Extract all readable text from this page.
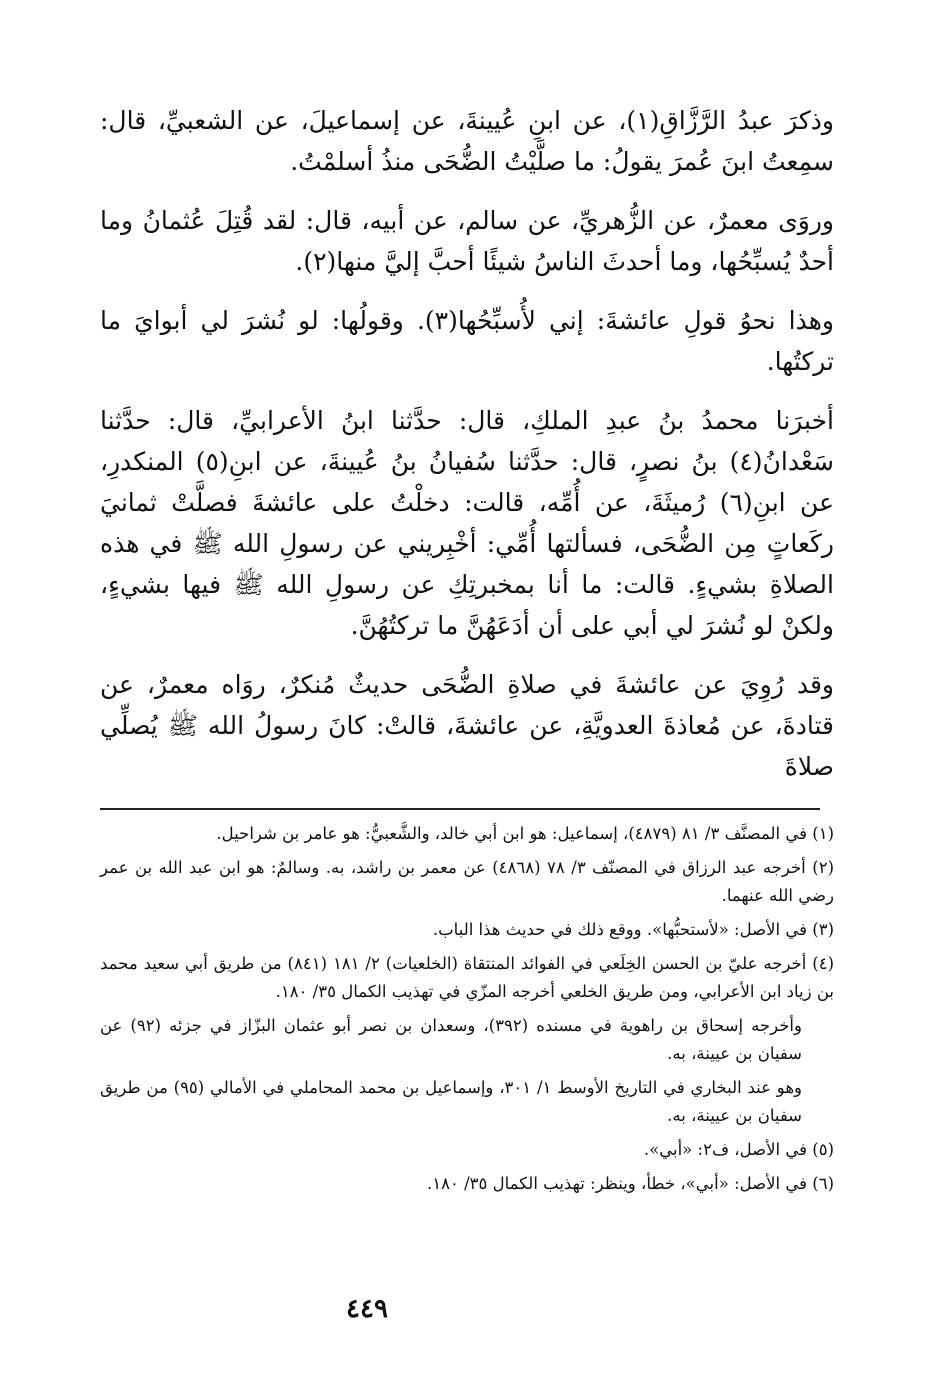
وذكرَ عبدُ الرَّزَّاقِ(١)، عن ابنِ عُيينةَ، عن إسماعيلَ، عن الشعبيِّ، قال: سمِعتُ ابنَ عُمرَ يقولُ: ما صلَّيْتُ الضُّحَى منذُ أسلمْتُ.

وروَى معمرٌ، عن الزُّهريِّ، عن سالم، عن أبيه، قال: لقد قُتِلَ عُثمانُ وما أحدٌ يُسبِّحُها، وما أحدثَ الناسُ شيئًا أحبَّ إليَّ منها(٢).

وهذا نحوُ قولِ عائشةَ: إني لأُسبِّحُها(٣). وقولُها: لو نُشرَ لي أبوايَ ما تركتُها.

أخبرَنا محمدُ بنُ عبدِ الملكِ، قال: حدَّثنا ابنُ الأعرابيِّ، قال: حدَّثنا سَعْدانُ(٤) بنُ نصرٍ، قال: حدَّثنا سُفيانُ بنُ عُيينةَ، عن ابنِ(٥) المنكدرِ، عن ابنِ(٦) رُميثَةَ، عن أُمِّه، قالت: دخلْتُ على عائشةَ فصلَّتْ ثمانيَ ركَعاتٍ مِن الضُّحَى، فسألتها أُمِّي: أخْبِريني عن رسولِ الله ﷺ في هذه الصلاةِ بشيءٍ. قالت: ما أنا بمخبرتِكِ عن رسولِ الله ﷺ فيها بشيءٍ، ولكنْ لو نُشرَ لي أبي على أن أدَعَهُنَّ ما تركتُهُنَّ.

وقد رُوِيَ عن عائشةَ في صلاةِ الضُّحَى حديثٌ مُنكرٌ، روَاه معمرٌ، عن قتادةَ، عن مُعاذةَ العدويَّةِ، عن عائشةَ، قالتْ: كانَ رسولُ الله ﷺ يُصلِّي صلاةَ

(١) في المصنَّف ٣/ ٨١ (٤٨٧٩)، إسماعيل: هو ابن أبي خالد، والشَّعبيُّ: هو عامر بن شراحيل.

(٢) أخرجه عبد الرزاق في المصنّف ٣/ ٧٨ (٤٨٦٨) عن معمر بن راشد، به. وسالمٌ: هو ابن عبد الله بن عمر رضي الله عنهما.

(٣) في الأصل: «لأستحبُّها». ووقع ذلك في حديث هذا الباب.

(٤) أخرجه عليّ بن الحسن الخِلَعي في الفوائد المنتقاة (الخلعيات) ٢/ ١٨١ (٨٤١) من طريق أبي سعيد محمد بن زياد ابن الأعرابي، ومن طريق الخلعي أخرجه المزّي في تهذيب الكمال ٣٥/ ١٨٠.

وأخرجه إسحاق بن راهوية في مسنده (٣٩٢)، وسعدان بن نصر أبو عثمان البزّاز في جزئه (٩٢) عن سفيان بن عيينة، به.

وهو عند البخاري في التاريخ الأوسط ١/ ٣٠١، وإسماعيل بن محمد المحاملي في الأمالي (٩٥) من طريق سفيان بن عيينة، به.

(٥) في الأصل، ف٢: «أبي».

(٦) في الأصل: «أبي»، خطأ، وينظر: تهذيب الكمال ٣٥/ ١٨٠.

٤٤٩
